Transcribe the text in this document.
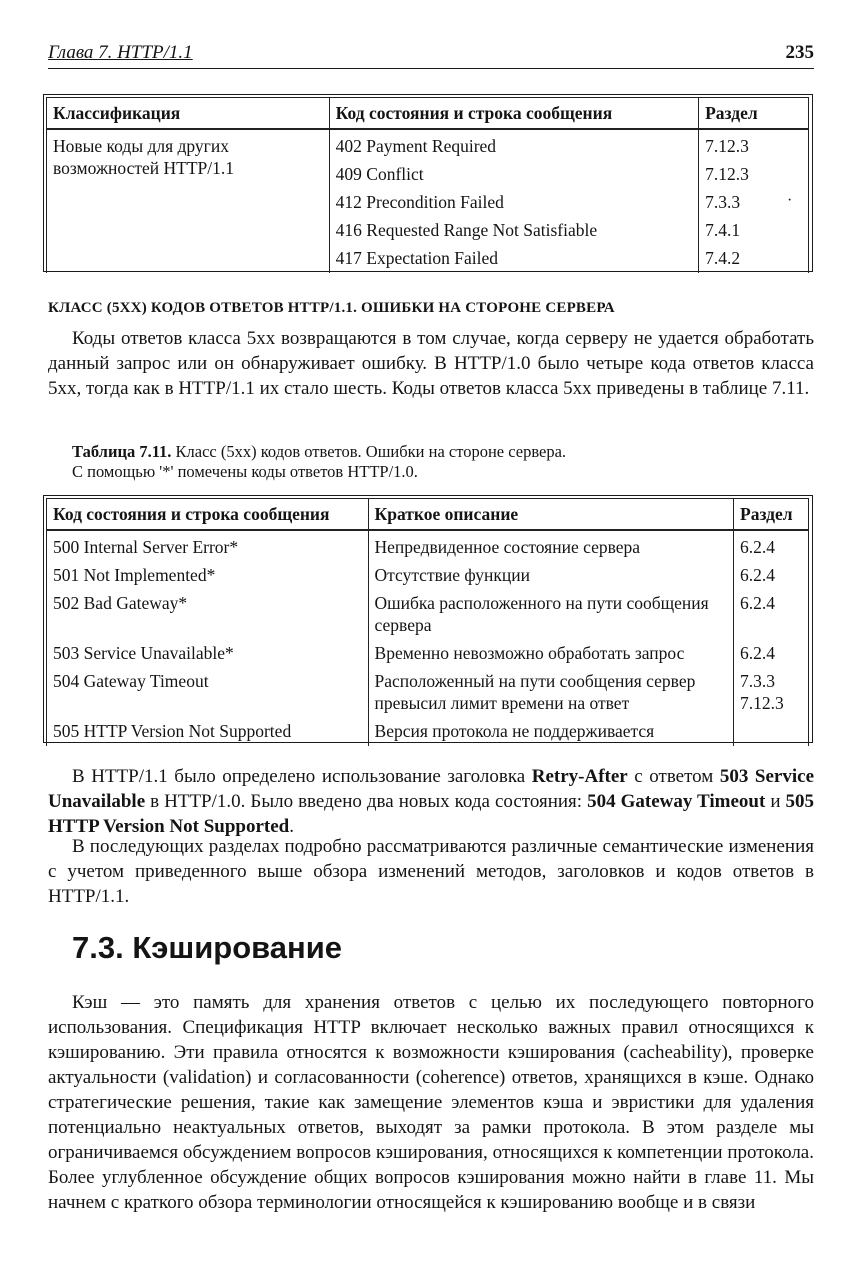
Глава 7. HTTP/1.1	235
Классификация	Код состояния и строка сообщения	Раздел

Новые коды для других
возможностей HTTP/1.1	402 Payment Required	7.12.3
	409 Conflict	7.12.3
	412 Precondition Failed	7.3.3
	416 Requested Range Not Satisfiable	7.4.1
	417 Expectation Failed	7.4.2
·
КЛАСС (5XX) КОДОВ ОТВЕТОВ HTTP/1.1. ОШИБКИ НА СТОРОНЕ СЕРВЕРА

Коды ответов класса 5xx возвращаются в том случае, когда серверу не удается обработать данный запрос или он обнаруживает ошибку. В HTTP/1.0 было четыре кода ответов класса 5xx, тогда как в HTTP/1.1 их стало шесть. Коды ответов класса 5xx приведены в таблице 7.11.

Таблица 7.11. Класс (5xx) кодов ответов. Ошибки на стороне сервера.
С помощью '*' помечены коды ответов HTTP/1.0.

Код состояния и строка сообщения	Краткое описание	Раздел
500 Internal Server Error*	Непредвиденное состояние сервера	6.2.4
501 Not Implemented*	Отсутствие функции	6.2.4
502 Bad Gateway*	Ошибка расположенного на пути сообщения сервера	6.2.4
503 Service Unavailable*	Временно невозможно обработать запрос	6.2.4
504 Gateway Timeout	Расположенный на пути сообщения сервер превысил лимит времени на ответ	7.3.3
7.12.3

505 HTTP Version Not Supported	Версия протокола не поддерживается	

В HTTP/1.1 было определено использование заголовка Retry-After с ответом 503 Service Unavailable в HTTP/1.0. Было введено два новых кода состояния: 504 Gateway Timeout и 505 HTTP Version Not Supported.

В последующих разделах подробно рассматриваются различные семантические изменения с учетом приведенного выше обзора изменений методов, заголовков и кодов ответов в HTTP/1.1.

7.3. Кэширование

Кэш — это память для хранения ответов с целью их последующего повторного использования. Спецификация HTTP включает несколько важных правил относящихся к кэшированию. Эти правила относятся к возможности кэширования (cacheability), проверке актуальности (validation) и согласованности (coherence) ответов, хранящихся в кэше. Однако стратегические решения, такие как замещение элементов кэша и эвристики для удаления потенциально неактуальных ответов, выходят за рамки протокола. В этом разделе мы ограничиваемся обсуждением вопросов кэширования, относящихся к компетенции протокола. Более углубленное обсуждение общих вопросов кэширования можно найти в главе 11. Мы начнем с краткого обзора терминологии относящейся к кэшированию вообще и в связи
